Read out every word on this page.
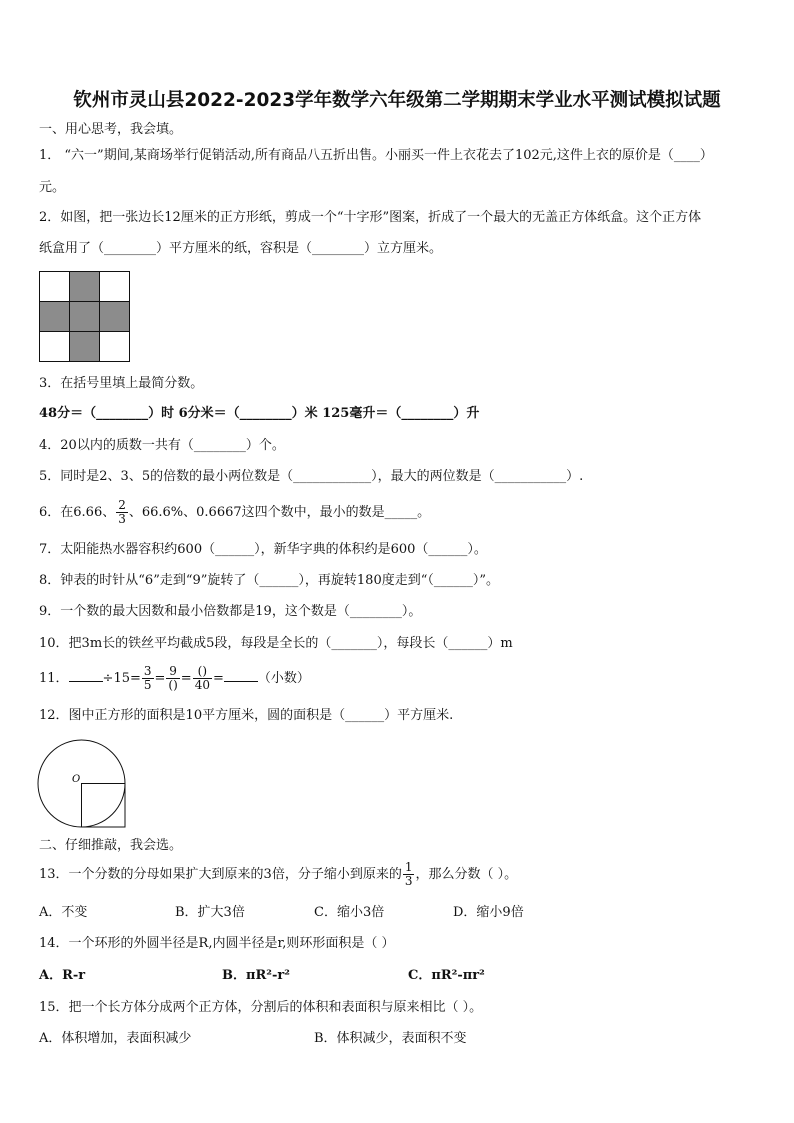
钦州市灵山县2022-2023学年数学六年级第二学期期末学业水平测试模拟试题
一、用心思考，我会填。
1． “六一”期间,某商场举行促销活动,所有商品八五折出售。小丽买一件上衣花去了102元,这件上衣的原价是（____）
元。
2．如图，把一张边长12厘米的正方形纸，剪成一个“十字形”图案，折成了一个最大的无盖正方体纸盒。这个正方体
纸盒用了（________）平方厘米的纸，容积是（________）立方厘米。
3．在括号里填上最简分数。
48分＝（________）时 6分米＝（________）米 125毫升＝（________）升
4．20以内的质数一共有（________）个。
5．同时是2、3、5的倍数的最小两位数是（____________），最大的两位数是（___________）.
6．在6.66、 $\frac{2}{3}$ 、66.6%、0.6667这四个数中，最小的数是_____。
7．太阳能热水器容积约600（______），新华字典的体积约是600（______）。
8．钟表的时针从“6”走到“9”旋转了（______），再旋转180度走到“（______）”。
9．一个数的最大因数和最小倍数都是19，这个数是（________）。
10．把3m长的铁丝平均截成5段，每段是全长的（_______），每段长（______）m
11．	$\div 15= \frac{3}{5} = \frac{9}{()} = \frac{()}{40}$ =	（小数）
12．图中正方形的面积是10平方厘米，圆的面积是（______）平方厘米.
O
二、仔细推敲，我会选。
13．一个分数的分母如果扩大到原来的3倍，分子缩小到原来的 $\frac{1}{3}$ ，那么分数（ ）。
A．不变	B．扩大3倍	C．缩小3倍	D．缩小9倍
14．一个环形的外圆半径是R,内圆半径是r,则环形面积是（ ）
A．R-r	B．πR²-r²	C．πR²-πr²
15．把一个长方体分成两个正方体，分割后的体积和表面积与原来相比（ ）。
A．体积增加，表面积减少	B．体积减少，表面积不变
